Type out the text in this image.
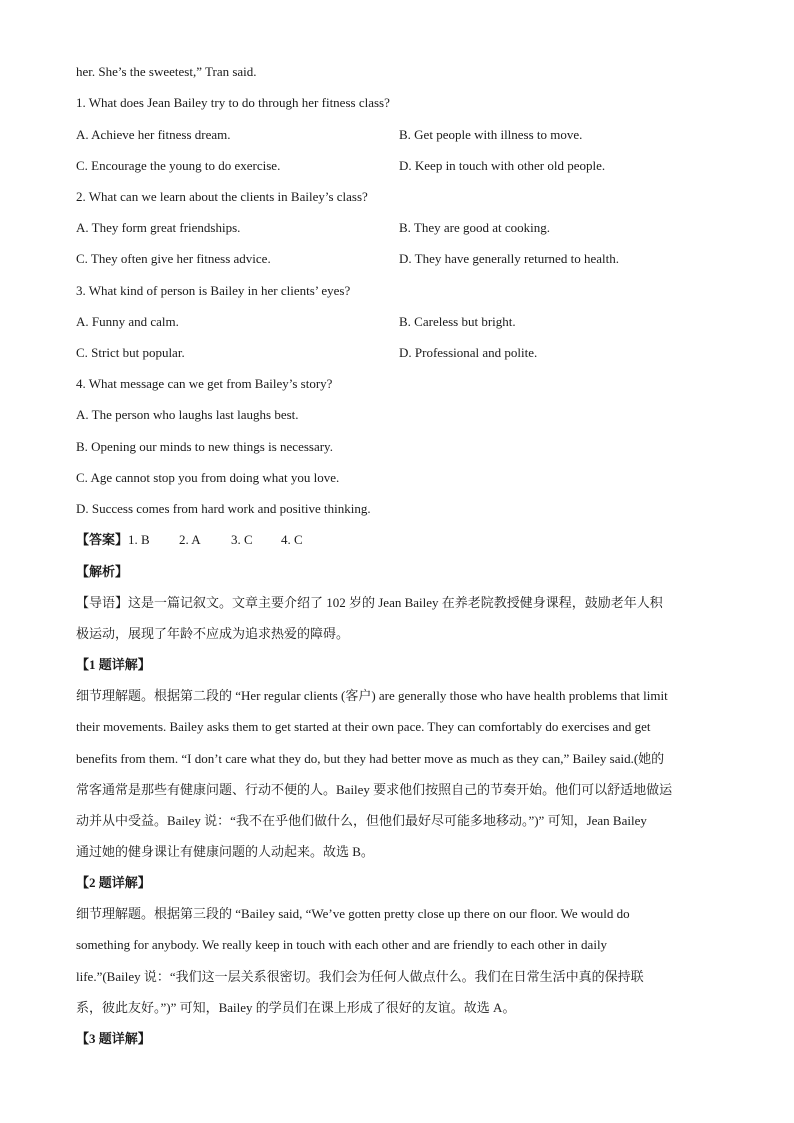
her. She’s the sweetest,” Tran said.
1. What does Jean Bailey try to do through her fitness class?
A. Achieve her fitness dream.	B. Get people with illness to move.
C. Encourage the young to do exercise.	D. Keep in touch with other old people.
2. What can we learn about the clients in Bailey’s class?
A. They form great friendships.	B. They are good at cooking.
C. They often give her fitness advice.	D. They have generally returned to health.
3. What kind of person is Bailey in her clients’ eyes?
A. Funny and calm.	B. Careless but bright.
C. Strict but popular.	D. Professional and polite.
4. What message can we get from Bailey’s story?
A. The person who laughs last laughs best.
B. Opening our minds to new things is necessary.
C. Age cannot stop you from doing what you love.
D. Success comes from hard work and positive thinking.
【答案】1. B 2. A 3. C 4. C
【解析】
【导语】这是一篇记叙文。文章主要介绍了 102 岁的 Jean Bailey 在养老院教授健身课程，鼓励老年人积
极运动，展现了年龄不应成为追求热爱的障碍。
【1 题详解】
细节理解题。根据第二段的 “Her regular clients (客户) are generally those who have health problems that limit
their movements. Bailey asks them to get started at their own pace. They can comfortably do exercises and get
benefits from them. “I don’t care what they do, but they had better move as much as they can,” Bailey said.(她的
常客通常是那些有健康问题、行动不便的人。Bailey 要求他们按照自己的节奏开始。他们可以舒适地做运
动并从中受益。Bailey 说：“我不在乎他们做什么，但他们最好尽可能多地移动。”)” 可知，Jean Bailey
通过她的健身课让有健康问题的人动起来。故选 B。
【2 题详解】
细节理解题。根据第三段的 “Bailey said, “We’ve gotten pretty close up there on our floor. We would do
something for anybody. We really keep in touch with each other and are friendly to each other in daily
life.”(Bailey 说：“我们这一层关系很密切。我们会为任何人做点什么。我们在日常生活中真的保持联
系，彼此友好。”)” 可知，Bailey 的学员们在课上形成了很好的友谊。故选 A。
【3 题详解】
